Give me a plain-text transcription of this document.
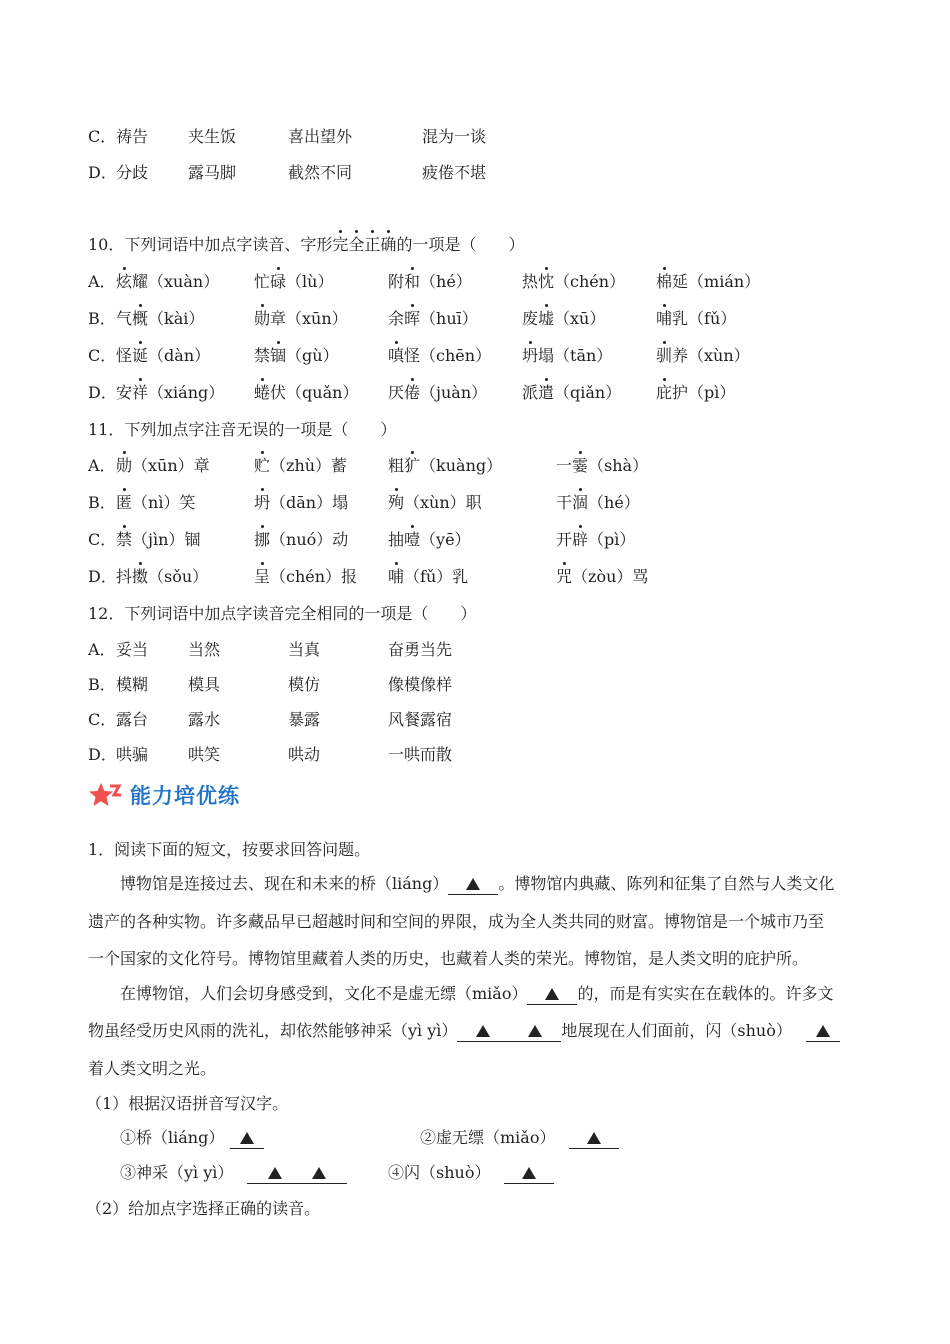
C． 祷告 夹生饭	喜出望外	混为一谈
D． 分歧 露马脚	截然不同	疲倦不堪
10．下列词语中加点字读音、字形完全正确的一项是（　　）
A． 炫耀（xuàn） 忙碌（lù）	附和（hé）	热忱（chén） 棉延（mián）
B． 气概（kài）	勋章（xūn）	余晖（huī）	废墟（xū）	哺乳（fǔ）
C． 怪诞（dàn）	禁锢（gù）	嗔怪（chēn） 坍塌（tān）	驯养（xùn）
D． 安祥（xiáng） 蜷伏（quǎn） 厌倦（juàn） 派遣（qiǎn） 庇护（pì）
11．下列加点字注音无误的一项是（　　）
A． 勋（xūn）章	贮（zhù）蓄	粗犷（kuàng）	一霎（shà）
B． 匿（nì）笑	坍（dān）塌 殉（xùn）职	干涸（hé）
C． 禁（jìn）锢	挪（nuó）动 抽噎（yē）	开辟（pì）
D． 抖擞（sǒu）	呈（chén）报 哺（fǔ）乳	咒（zòu）骂
12．下列词语中加点字读音完全相同的一项是（　　）
A． 妥当 当然	当真	奋勇当先
B． 模糊 模具	模仿	像模像样
C． 露台 露水	暴露	风餐露宿
D． 哄骗 哄笑	哄动	一哄而散
能力培优练
1．阅读下面的短文，按要求回答问题。
博物馆是连接过去、现在和未来的桥（liáng）	。博物馆内典藏、陈列和征集了自然与人类文化
遗产的各种实物。许多藏品早已超越时间和空间的界限，成为全人类共同的财富。博物馆是一个城市乃至
一个国家的文化符号。博物馆里藏着人类的历史，也藏着人类的荣光。博物馆，是人类文明的庇护所。
在博物馆，人们会切身感受到，文化不是虚无缥（miǎo）	的，而是有实实在在载体的。许多文
物虽经受历史风雨的洗礼，却依然能够神采（yì yì）	地展现在人们面前，闪（shuò）
着人类文明之光。
（1）根据汉语拼音写汉字。
①桥（liáng）	②虚无缥（miǎo）
③神采（yì yì）	④闪（shuò）
（2）给加点字选择正确的读音。
